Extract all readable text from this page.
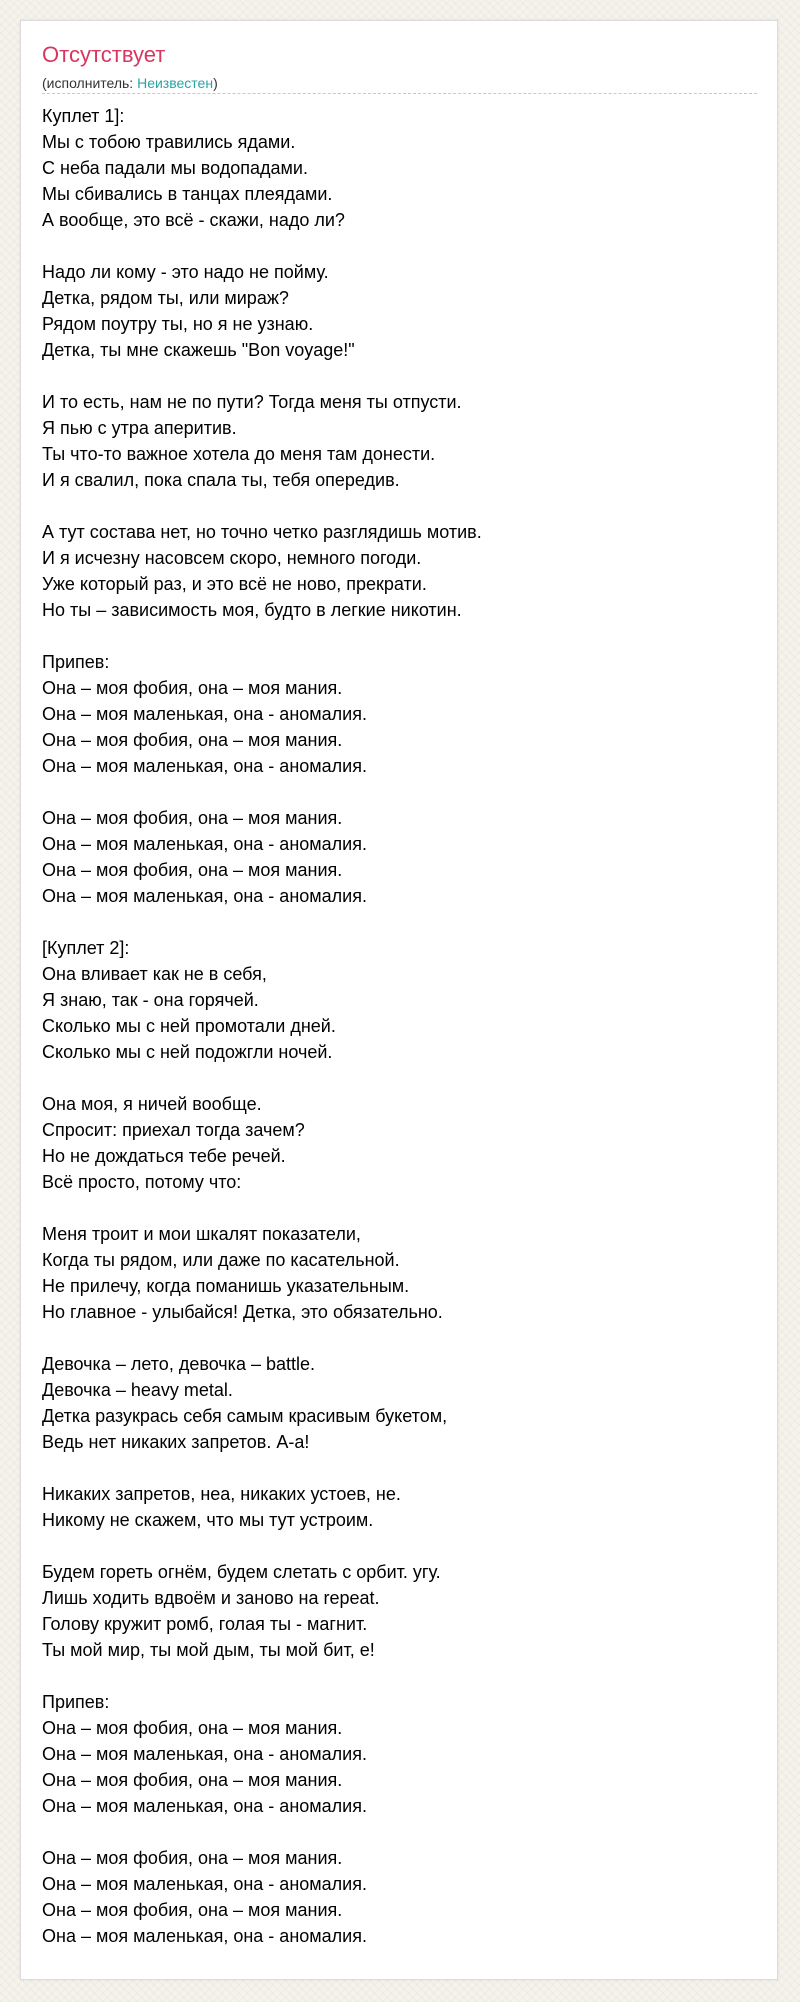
Отсутствует
(исполнитель: Неизвестен)
Куплет 1]:
Мы с тобою травились ядами.
С неба падали мы водопадами.
Мы сбивались в танцах плеядами.
А вообще, это всё - скажи, надо ли?
Надо ли кому - это надо не пойму.
Детка, рядом ты, или мираж?
Рядом поутру ты, но я не узнаю.
Детка, ты мне скажешь "Bon voyage!"
И то есть, нам не по пути? Тогда меня ты отпусти.
Я пью с утра аперитив.
Ты что-то важное хотела до меня там донести.
И я свалил, пока спала ты, тебя опередив.
А тут состава нет, но точно четко разглядишь мотив.
И я исчезну насовсем скоро, немного погоди.
Уже который раз, и это всё не ново, прекрати.
Но ты – зависимость моя, будто в легкие никотин.
Припев:
Она – моя фобия, она – моя мания.
Она – моя маленькая, она - аномалия.
Она – моя фобия, она – моя мания.
Она – моя маленькая, она - аномалия.
Она – моя фобия, она – моя мания.
Она – моя маленькая, она - аномалия.
Она – моя фобия, она – моя мания.
Она – моя маленькая, она - аномалия.
[Куплет 2]:
Она вливает как не в себя,
Я знаю, так - она горячей.
Сколько мы с ней промотали дней.
Сколько мы с ней подожгли ночей.
Она моя, я ничей вообще.
Спросит: приехал тогда зачем?
Но не дождаться тебе речей.
Всё просто, потому что:
Меня троит и мои шкалят показатели,
Когда ты рядом, или даже по касательной.
Не прилечу, когда поманишь указательным.
Но главное - улыбайся! Детка, это обязательно.
Девочка – лето, девочка – battle.
Девочка – heavy metal.
Детка разукрась себя самым красивым букетом,
Ведь нет никаких запретов. А-а!
Никаких запретов, неа, никаких устоев, не.
Никому не скажем, что мы тут устроим.
Будем гореть огнём, будем слетать с орбит. угу.
Лишь ходить вдвоём и заново на repeat.
Голову кружит ромб, голая ты - магнит.
Ты мой мир, ты мой дым, ты мой бит, е!
Припев:
Она – моя фобия, она – моя мания.
Она – моя маленькая, она - аномалия.
Она – моя фобия, она – моя мания.
Она – моя маленькая, она - аномалия.
Она – моя фобия, она – моя мания.
Она – моя маленькая, она - аномалия.
Она – моя фобия, она – моя мания.
Она – моя маленькая, она - аномалия.
